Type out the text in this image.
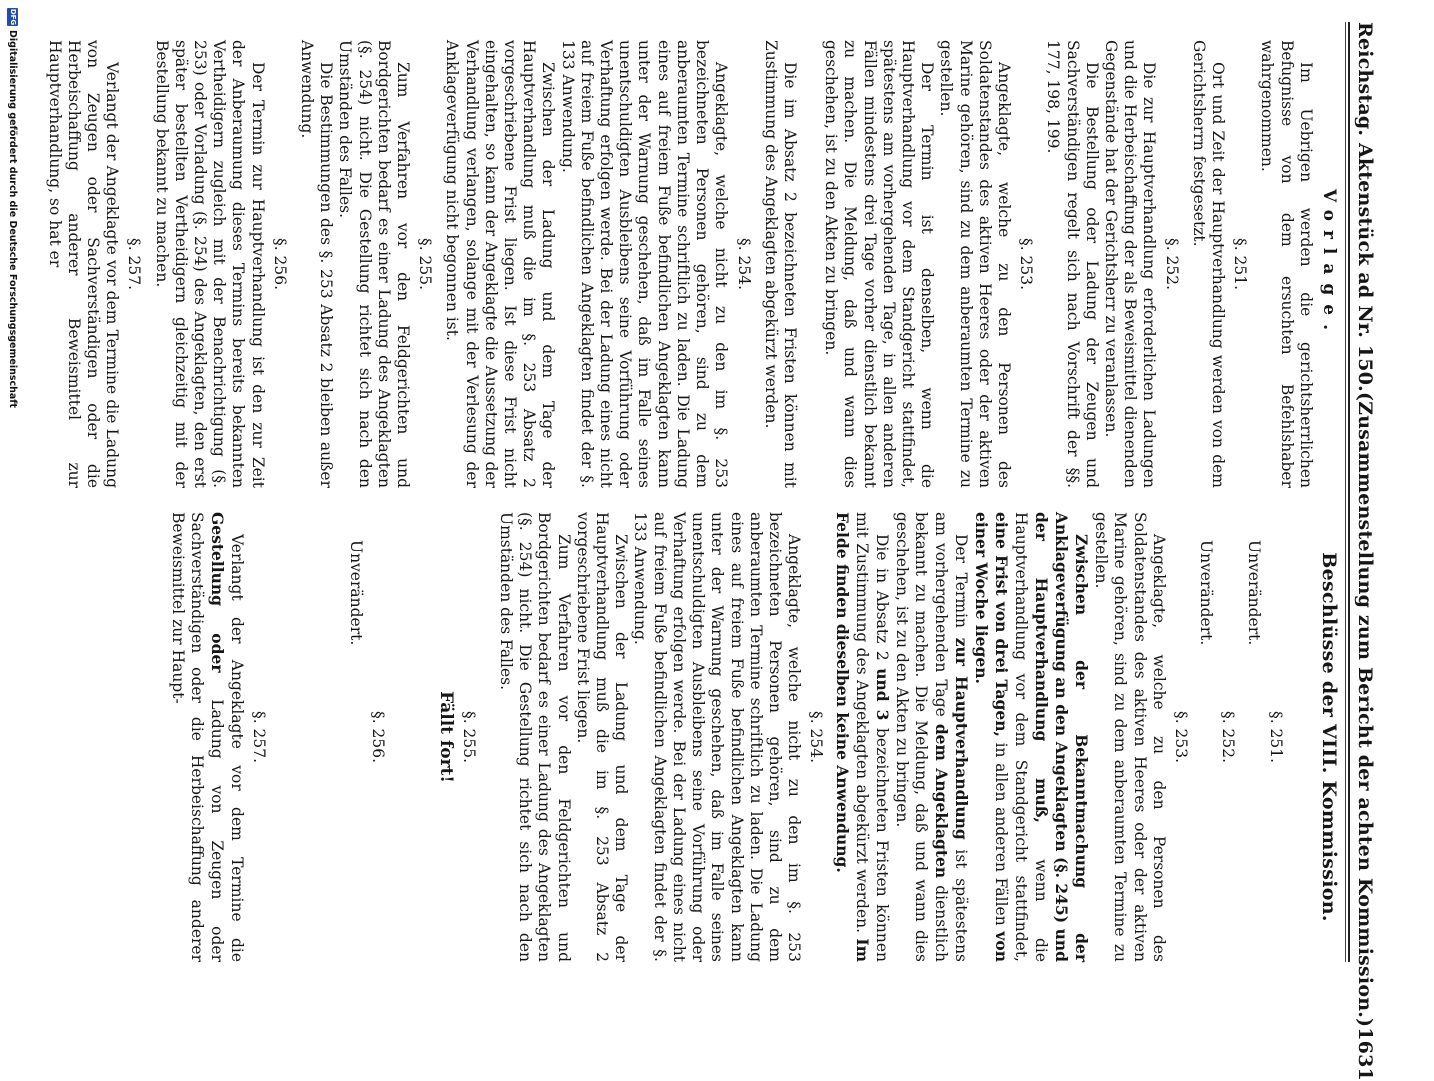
Reichstag. Aktenstück ad Nr. 150.
(Zusammenstellung zum Bericht der achten Kommission.)
1631
Vorlage.

Im Uebrigen werden die gerichtsherrlichen Befugnisse von dem ersuchten Befehlshaber wahrgenommen.

§. 251.

Ort und Zeit der Hauptverhandlung werden von dem Gerichtsherrn festgesetzt.

§. 252.

Die zur Hauptverhandlung erforderlichen Ladungen und die Herbeischaffung der als Beweismittel dienenden Gegenstände hat der Gerichtsherr zu veranlassen.

Die Bestellung oder Ladung der Zeugen und Sachverständigen regelt sich nach Vorschrift der §§. 177, 198, 199.

§. 253.

Angeklagte, welche zu den Personen des Soldatenstandes des aktiven Heeres oder der aktiven Marine gehören, sind zu dem anberaumten Termine zu gestellen.

Der Termin ist denselben, wenn die Hauptverhandlung vor dem Standgericht stattfindet, spätestens am vorhergehenden Tage, in allen anderen Fällen mindestens drei Tage vorher dienstlich bekannt zu machen. Die Meldung, daß und wann dies geschehen, ist zu den Akten zu bringen.

Die im Absatz 2 bezeichneten Fristen können mit Zustimmung des Angeklagten abgekürzt werden.

§. 254.

Angeklagte, welche nicht zu den im §. 253 bezeichneten Personen gehören, sind zu dem anberaumten Termine schriftlich zu laden. Die Ladung eines auf freiem Fuße befindlichen Angeklagten kann unter der Warnung geschehen, daß im Falle seines unentschuldigten Ausbleibens seine Vorführung oder Verhaftung erfolgen werde. Bei der Ladung eines nicht auf freiem Fuße befindlichen Angeklagten findet der §. 133 Anwendung.

Zwischen der Ladung und dem Tage der Hauptverhandlung muß die im §. 253 Absatz 2 vorgeschriebene Frist liegen. Ist diese Frist nicht eingehalten, so kann der Angeklagte die Aussetzung der Verhandlung verlangen, solange mit der Verlesung der Anklageverfügung nicht begonnen ist.

§. 255.

Zum Verfahren vor den Feldgerichten und Bordgerichten bedarf es einer Ladung des Angeklagten (§. 254) nicht. Die Gestellung richtet sich nach den Umständen des Falles.

Die Bestimmungen des §. 253 Absatz 2 bleiben außer Anwendung.

§. 256.

Der Termin zur Hauptverhandlung ist den zur Zeit der Anberaumung dieses Termins bereits bekannten Vertheidigern zugleich mit der Benachrichtigung (§. 253) oder Vorladung (§. 254) des Angeklagten, den erst später bestellten Vertheidigern gleichzeitig mit der Bestellung bekannt zu machen.

§. 257.

Verlangt der Angeklagte vor dem Termine die Ladung von Zeugen oder Sachverständigen oder die Herbeischaffung anderer Beweismittel zur Hauptverhandlung, so hat er

Beschlüsse der VIII. Kommission.
§. 251.

Unverändert.

§. 252.

Unverändert.

§. 253.

Angeklagte, welche zu den Personen des Soldatenstandes des aktiven Heeres oder der aktiven Marine gehören, sind zu dem anberaumten Termine zu gestellen.

Zwischen der Bekanntmachung der Anklageverfügung an den Angeklagten (§. 245) und der Hauptverhandlung muß, wenn die Hauptverhandlung vor dem Standgericht stattfindet, eine Frist von drei Tagen, in allen anderen Fällen von einer Woche liegen.

Der Termin zur Hauptverhandlung ist spätestens am vorhergehenden Tage dem Angeklagten dienstlich bekannt zu machen. Die Meldung, daß und wann dies geschehen, ist zu den Akten zu bringen.

Die in Absatz 2 und 3 bezeichneten Fristen können mit Zustimmung des Angeklagten abgekürzt werden. Im Felde finden dieselben keine Anwendung.

§. 254.

Angeklagte, welche nicht zu den im §. 253 bezeichneten Personen gehören, sind zu dem anberaumten Termine schriftlich zu laden. Die Ladung eines auf freiem Fuße befindlichen Angeklagten kann unter der Warnung geschehen, daß im Falle seines unentschuldigten Ausbleibens seine Vorführung oder Verhaftung erfolgen werde. Bei der Ladung eines nicht auf freiem Fuße befindlichen Angeklagten findet der §. 133 Anwendung.

Zwischen der Ladung und dem Tage der Hauptverhandlung muß die im §. 253 Absatz 2 vorgeschriebene Frist liegen.

Zum Verfahren vor den Feldgerichten und Bordgerichten bedarf es einer Ladung des Angeklagten (§. 254) nicht. Die Gestellung richtet sich nach den Umständen des Falles.

§. 255.
Fällt fort!
§. 256.

Unverändert.

§. 257.

Verlangt der Angeklagte vor dem Termine die Gestellung oder Ladung von Zeugen oder Sachverständigen oder die Herbeischaffung anderer Beweismittel zur Haupt-

DFGDigitalisierung gefördert durch die Deutsche Forschungsgemeinschaft
